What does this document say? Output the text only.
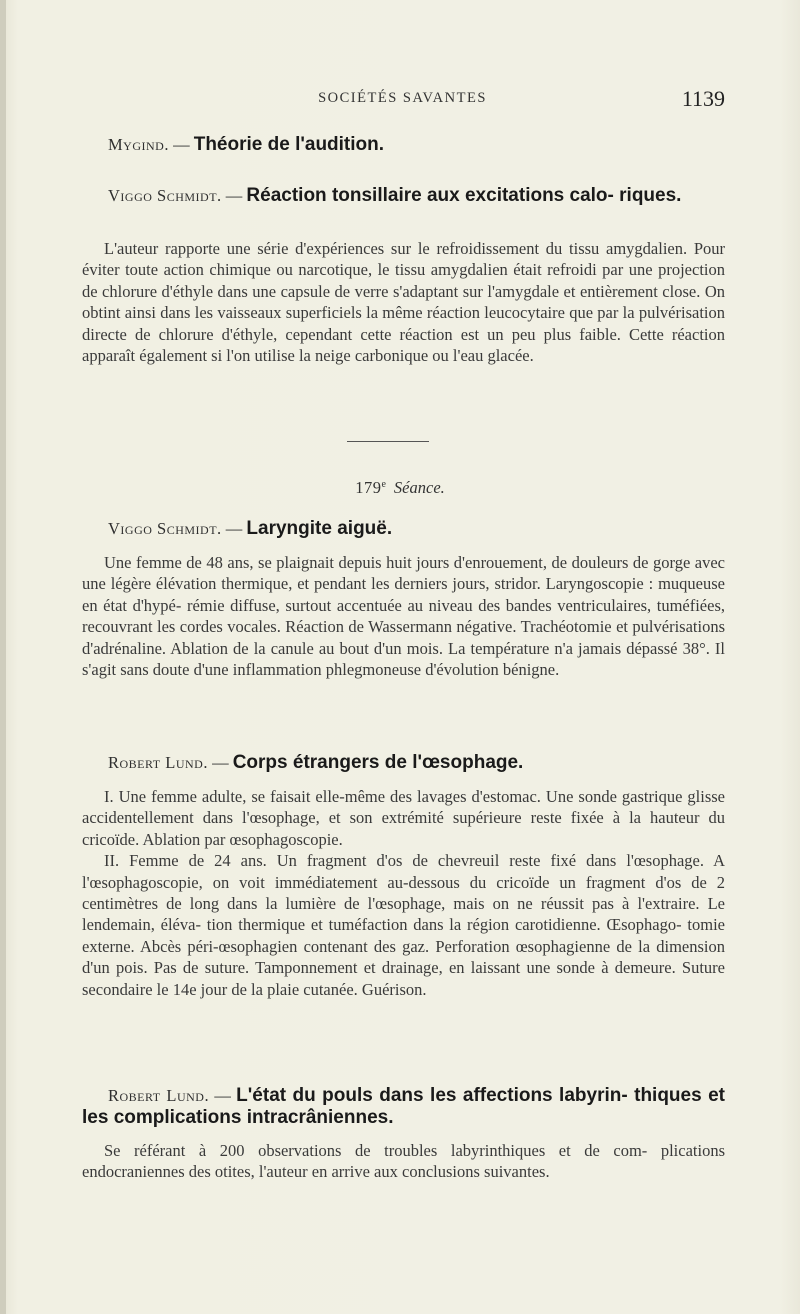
SOCIÉTÉS SAVANTES	1139
Mygind. — Théorie de l'audition.
Viggo Schmidt. — Réaction tonsillaire aux excitations calo- riques.

L'auteur rapporte une série d'expériences sur le refroidissement du tissu amygdalien. Pour éviter toute action chimique ou narcotique, le tissu amygdalien était refroidi par une projection de chlorure d'éthyle dans une capsule de verre s'adaptant sur l'amygdale et entièrement close. On obtint ainsi dans les vaisseaux superficiels la même réaction leucocytaire que par la pulvérisation directe de chlorure d'éthyle, cependant cette réaction est un peu plus faible. Cette réaction apparaît également si l'on utilise la neige carbonique ou l'eau glacée.

179e Séance.
Viggo Schmidt. — Laryngite aiguë.

Une femme de 48 ans, se plaignait depuis huit jours d'enrouement, de douleurs de gorge avec une légère élévation thermique, et pendant les derniers jours, stridor. Laryngoscopie : muqueuse en état d'hypé- rémie diffuse, surtout accentuée au niveau des bandes ventriculaires, tuméfiées, recouvrant les cordes vocales. Réaction de Wassermann négative. Trachéotomie et pulvérisations d'adrénaline. Ablation de la canule au bout d'un mois. La température n'a jamais dépassé 38°. Il s'agit sans doute d'une inflammation phlegmoneuse d'évolution bénigne.

Robert Lund. — Corps étrangers de l'œsophage.

I. Une femme adulte, se faisait elle-même des lavages d'estomac. Une sonde gastrique glisse accidentellement dans l'œsophage, et son extrémité supérieure reste fixée à la hauteur du cricoïde. Ablation par œsophagoscopie.

II. Femme de 24 ans. Un fragment d'os de chevreuil reste fixé dans l'œsophage. A l'œsophagoscopie, on voit immédiatement au-dessous du cricoïde un fragment d'os de 2 centimètres de long dans la lumière de l'œsophage, mais on ne réussit pas à l'extraire. Le lendemain, éléva- tion thermique et tuméfaction dans la région carotidienne. Œsophago- tomie externe. Abcès péri-œsophagien contenant des gaz. Perforation œsophagienne de la dimension d'un pois. Pas de suture. Tamponnement et drainage, en laissant une sonde à demeure. Suture secondaire le 14e jour de la plaie cutanée. Guérison.

Robert Lund. — L'état du pouls dans les affections labyrin- thiques et les complications intracrâniennes.

Se référant à 200 observations de troubles labyrinthiques et de com- plications endocraniennes des otites, l'auteur en arrive aux conclusions suivantes.
